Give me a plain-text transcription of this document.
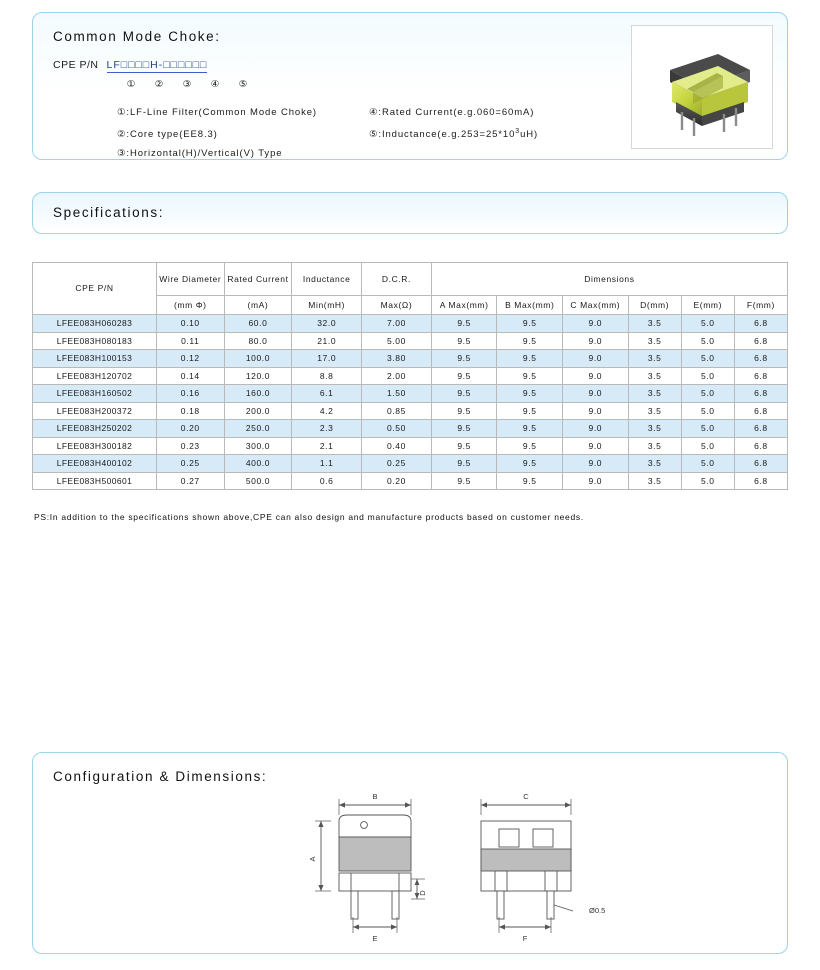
Common Mode Choke:
CPE P/N LF□□□□H-□□□□□□
① ② ③ ④ ⑤
①:LF-Line Filter(Common Mode Choke)	④:Rated Current(e.g.060=60mA)
②:Core type(EE8.3)	$⑤:Inductance(e.g.253=25*10^3uH)$
③:Horizontal(H)/Vertical(V) Type
Specifications:
CPE P/N	Wire Diameter	Rated Current	Inductance	D.C.R.	Dimensions					
	(mm Φ)	(mA)	Min(mH)	Max(Ω)	A Max(mm)	B Max(mm)	C Max(mm)	D(mm)	E(mm)	F(mm)
LFEE083H060283	0.10	60.0	32.0	7.00	9.5	9.5	9.0	3.5	5.0	6.8
LFEE083H080183	0.11	80.0	21.0	5.00	9.5	9.5	9.0	3.5	5.0	6.8
LFEE083H100153	0.12	100.0	17.0	3.80	9.5	9.5	9.0	3.5	5.0	6.8
LFEE083H120702	0.14	120.0	8.8	2.00	9.5	9.5	9.0	3.5	5.0	6.8
LFEE083H160502	0.16	160.0	6.1	1.50	9.5	9.5	9.0	3.5	5.0	6.8
LFEE083H200372	0.18	200.0	4.2	0.85	9.5	9.5	9.0	3.5	5.0	6.8
LFEE083H250202	0.20	250.0	2.3	0.50	9.5	9.5	9.0	3.5	5.0	6.8
LFEE083H300182	0.23	300.0	2.1	0.40	9.5	9.5	9.0	3.5	5.0	6.8
LFEE083H400102	0.25	400.0	1.1	0.25	9.5	9.5	9.0	3.5	5.0	6.8
LFEE083H500601	0.27	500.0	0.6	0.20	9.5	9.5	9.0	3.5	5.0	6.8
PS:In addition to the specifications shown above,CPE can also design and manufacture products based on customer needs.
Configuration & Dimensions:
B
A
D
E
C
F
Ø0.5
